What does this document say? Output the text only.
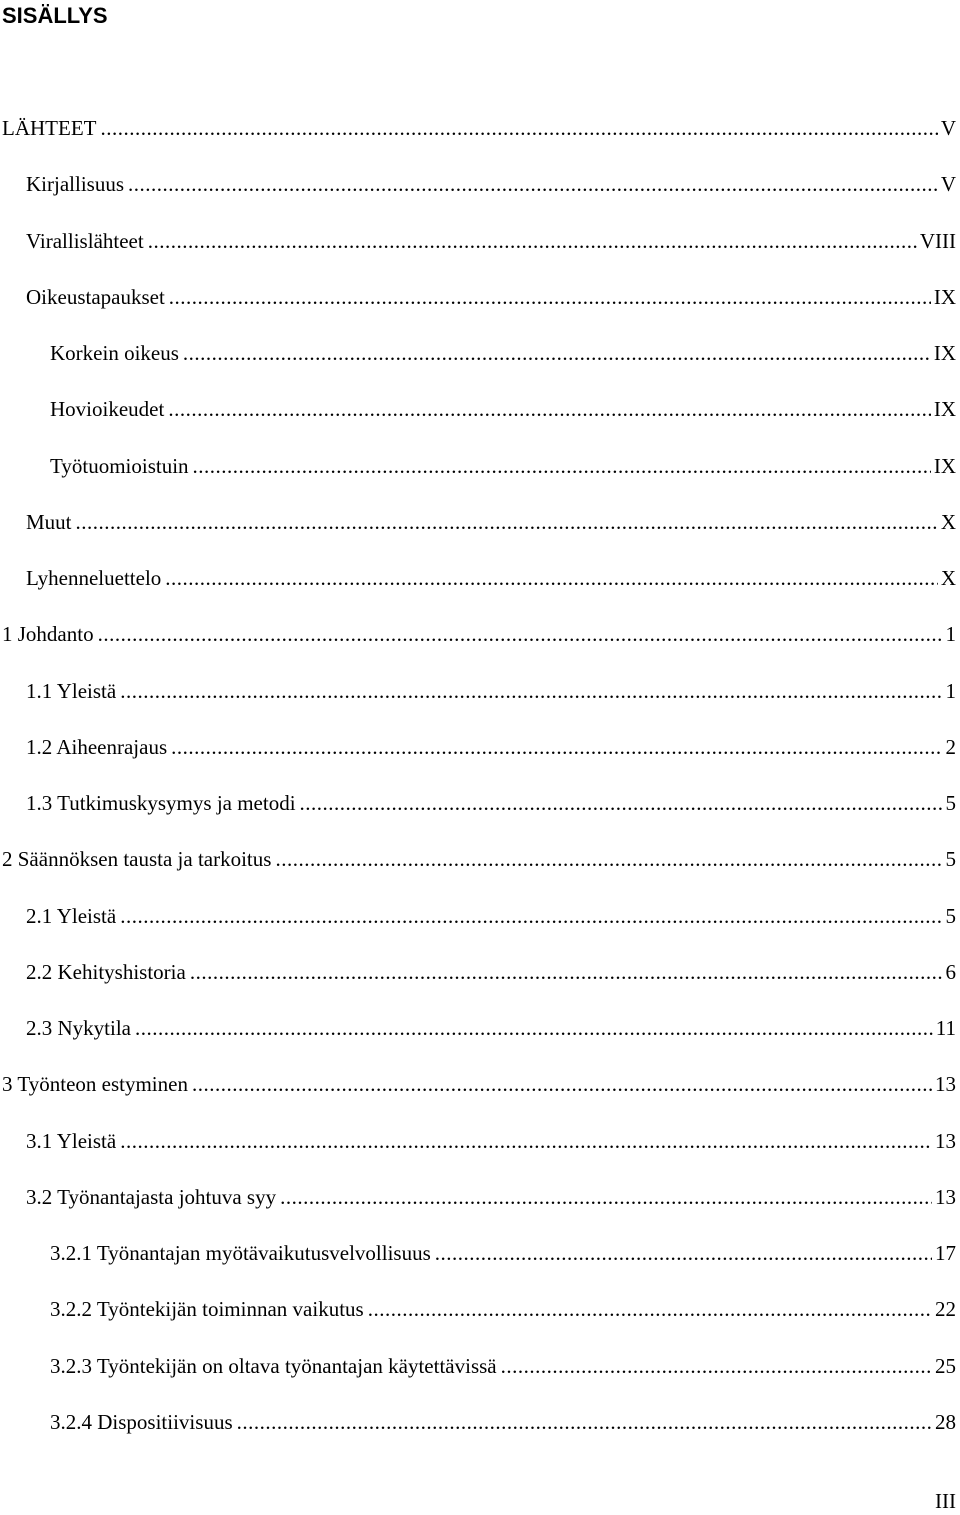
SISÄLLYS
LÄHTEET .....	V
Kirjallisuus .....	V
Virallislähteet .....	VIII
Oikeustapaukset .....	IX
Korkein oikeus .....	IX
Hovioikeudet .....	IX
Työtuomioistuin .....	IX
Muut .....	X
Lyhenneluettelo .....	X
1 Johdanto .....	1
1.1 Yleistä .....	1
1.2 Aiheenrajaus .....	2
1.3 Tutkimuskysymys ja metodi .....	5
2 Säännöksen tausta ja tarkoitus .....	5
2.1 Yleistä .....	5
2.2 Kehityshistoria .....	6
2.3 Nykytila .....	11
3 Työnteon estyminen .....	13
3.1 Yleistä .....	13
3.2 Työnantajasta johtuva syy .....	13
3.2.1 Työnantajan myötävaikutusvelvollisuus .....	17
3.2.2 Työntekijän toiminnan vaikutus .....	22
3.2.3 Työntekijän on oltava työnantajan käytettävissä .....	25
3.2.4 Dispositiivisuus .....	28
III
